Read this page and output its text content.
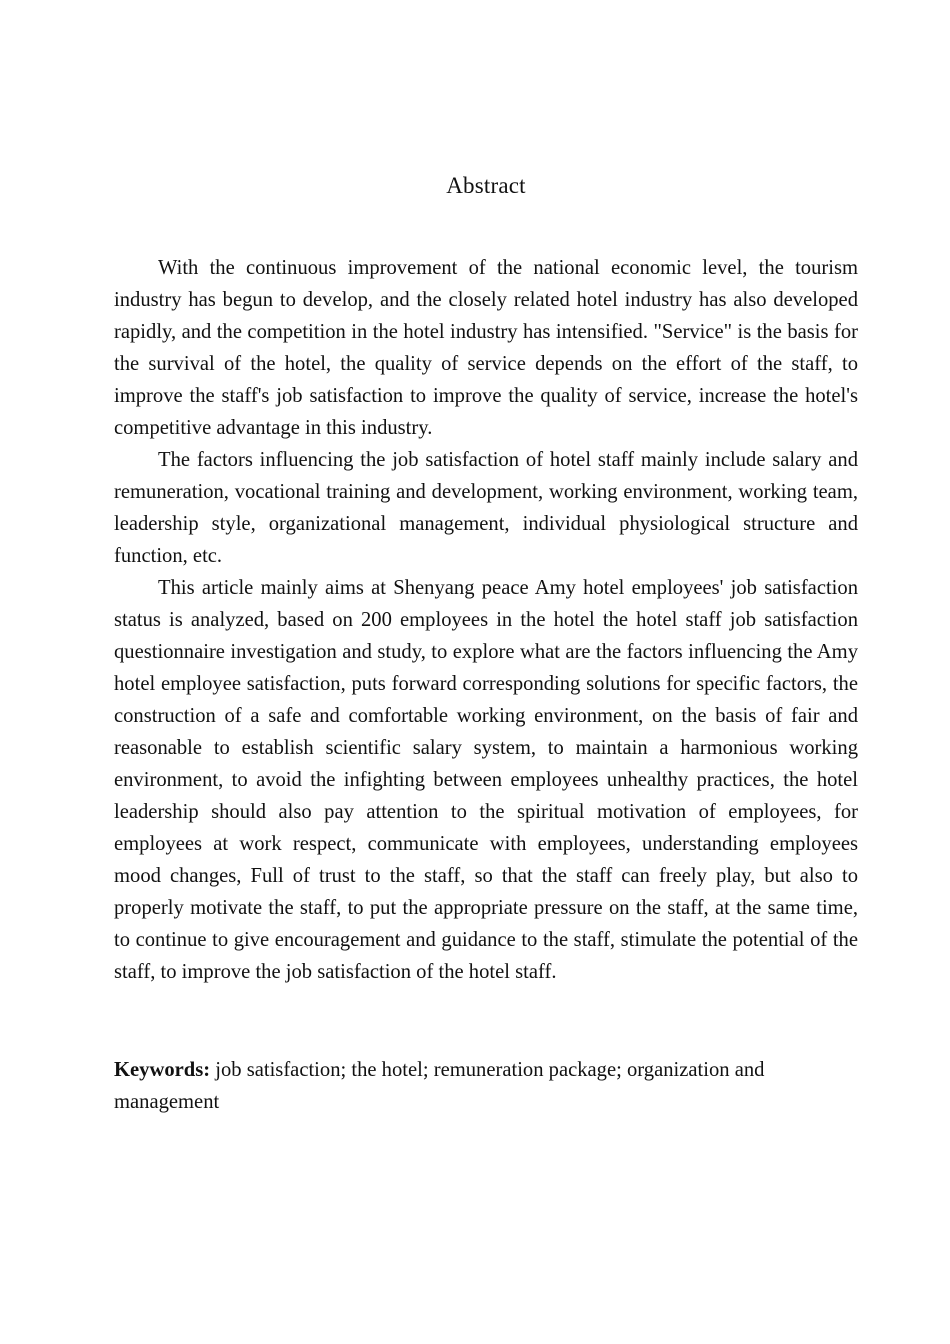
Abstract

With the continuous improvement of the national economic level, the tourism industry has begun to develop, and the closely related hotel industry has also developed rapidly, and the competition in the hotel industry has intensified. "Service" is the basis for the survival of the hotel, the quality of service depends on the effort of the staff, to improve the staff's job satisfaction to improve the quality of service, increase the hotel's competitive advantage in this industry.

The factors influencing the job satisfaction of hotel staff mainly include salary and remuneration, vocational training and development, working environment, working team, leadership style, organizational management, individual physiological structure and function, etc.

This article mainly aims at Shenyang peace Amy hotel employees' job satisfaction status is analyzed, based on 200 employees in the hotel the hotel staff job satisfaction questionnaire investigation and study, to explore what are the factors influencing the Amy hotel employee satisfaction, puts forward corresponding solutions for specific factors, the construction of a safe and comfortable working environment, on the basis of fair and reasonable to establish scientific salary system, to maintain a harmonious working environment, to avoid the infighting between employees unhealthy practices, the hotel leadership should also pay attention to the spiritual motivation of employees, for employees at work respect, communicate with employees, understanding employees mood changes, Full of trust to the staff, so that the staff can freely play, but also to properly motivate the staff, to put the appropriate pressure on the staff, at the same time, to continue to give encouragement and guidance to the staff, stimulate the potential of the staff, to improve the job satisfaction of the hotel staff.

Keywords: job satisfaction; the hotel; remuneration package; organization and management
